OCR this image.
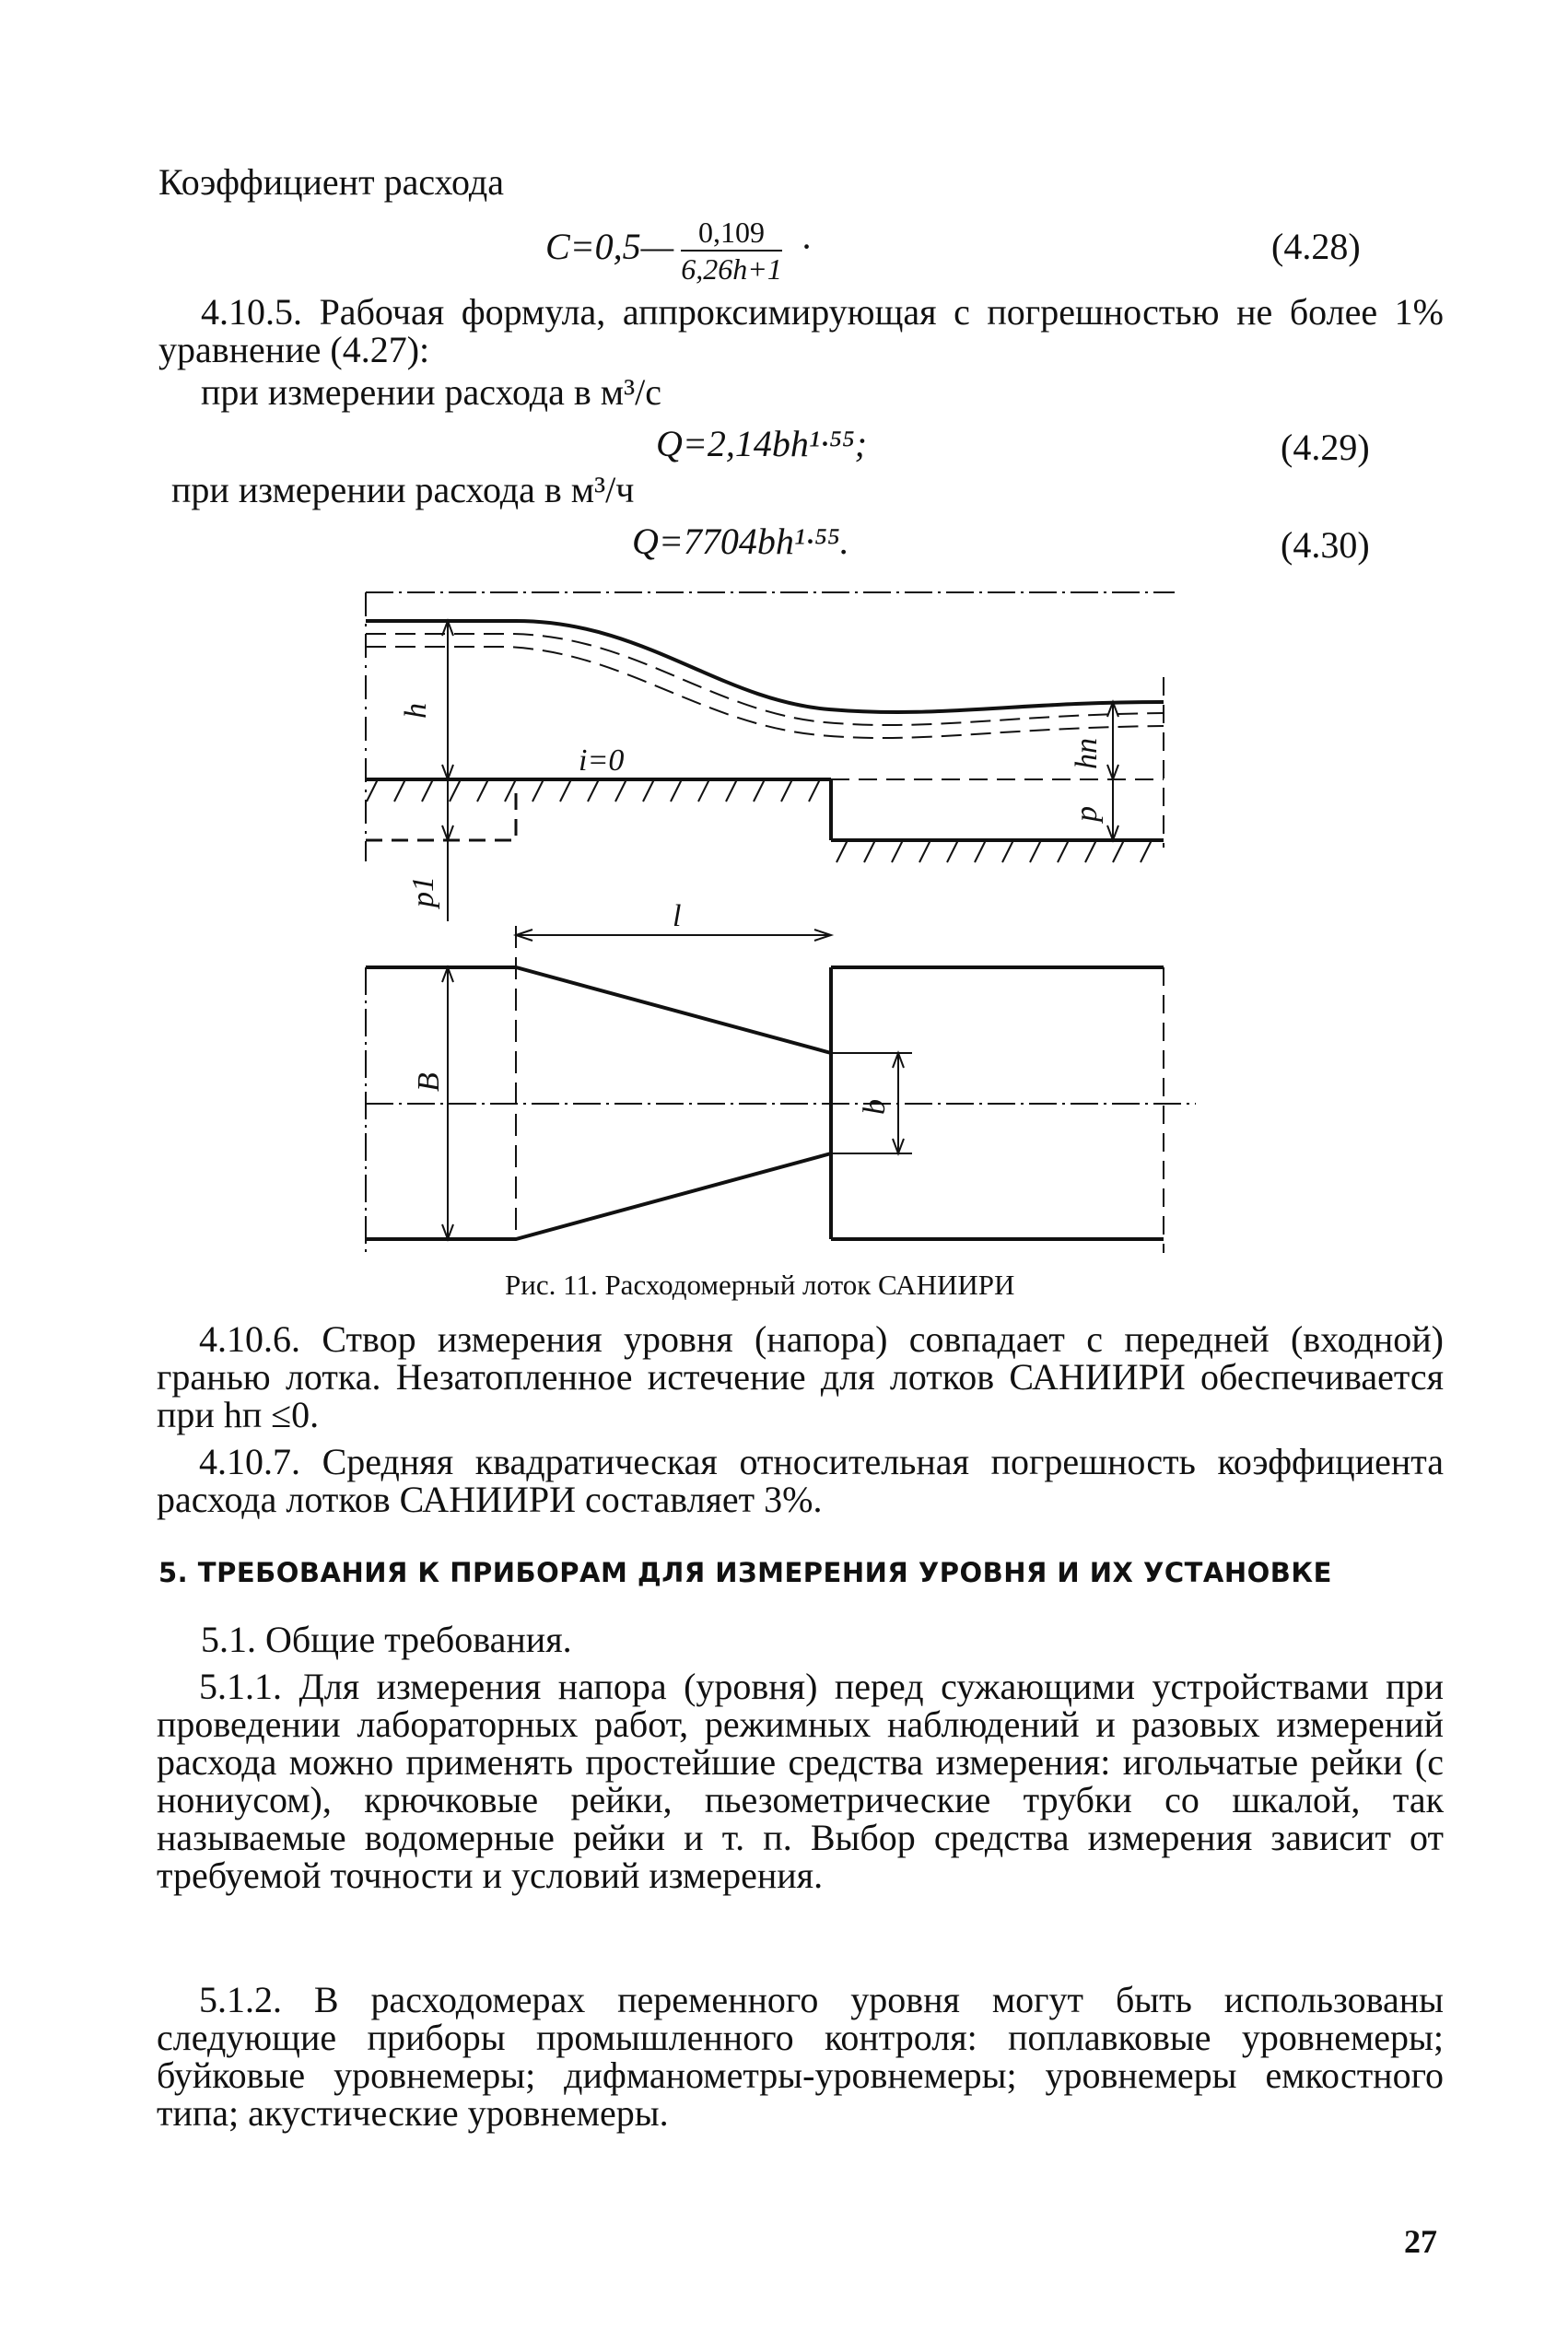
Коэффициент расхода
C=0,5— $\frac{0,109}{6,26h+1}$ ·	(4.28)
4.10.5. Рабочая формула, аппроксимирующая с погрешностью не более 1% уравнение (4.27):
при измерении расхода в м³/с
Q=2,14bh¹·⁵⁵;	(4.29)
при измерении расхода в м³/ч
Q=7704bh¹·⁵⁵.	(4.30)
h
i=0	hп
p
p1
l
B
b
Рис. 11. Расходомерный лоток САНИИРИ
4.10.6. Створ измерения уровня (напора) совпадает с передней (входной) гранью лотка. Незатопленное истечение для лотков САНИИРИ обеспечивается при hп ≤0.
4.10.7. Средняя квадратическая относительная погрешность коэффициента расхода лотков САНИИРИ составляет 3%.
5. ТРЕБОВАНИЯ К ПРИБОРАМ ДЛЯ ИЗМЕРЕНИЯ УРОВНЯ И ИХ УСТАНОВКЕ
5.1. Общие требования.
5.1.1. Для измерения напора (уровня) перед сужающими устройствами при проведении лабораторных работ, режимных наблюдений и разовых измерений расхода можно применять простейшие средства измерения: игольчатые рейки (с нониусом), крючковые рейки, пьезометрические трубки со шкалой, так называемые водомерные рейки и т. п. Выбор средства измерения зависит от требуемой точности и условий измерения.
5.1.2. В расходомерах переменного уровня могут быть использованы следующие приборы промышленного контроля: поплавковые уровнемеры; буйковые уровнемеры; дифманометры-уровнемеры; уровнемеры емкостного типа; акустические уровнемеры.
27
